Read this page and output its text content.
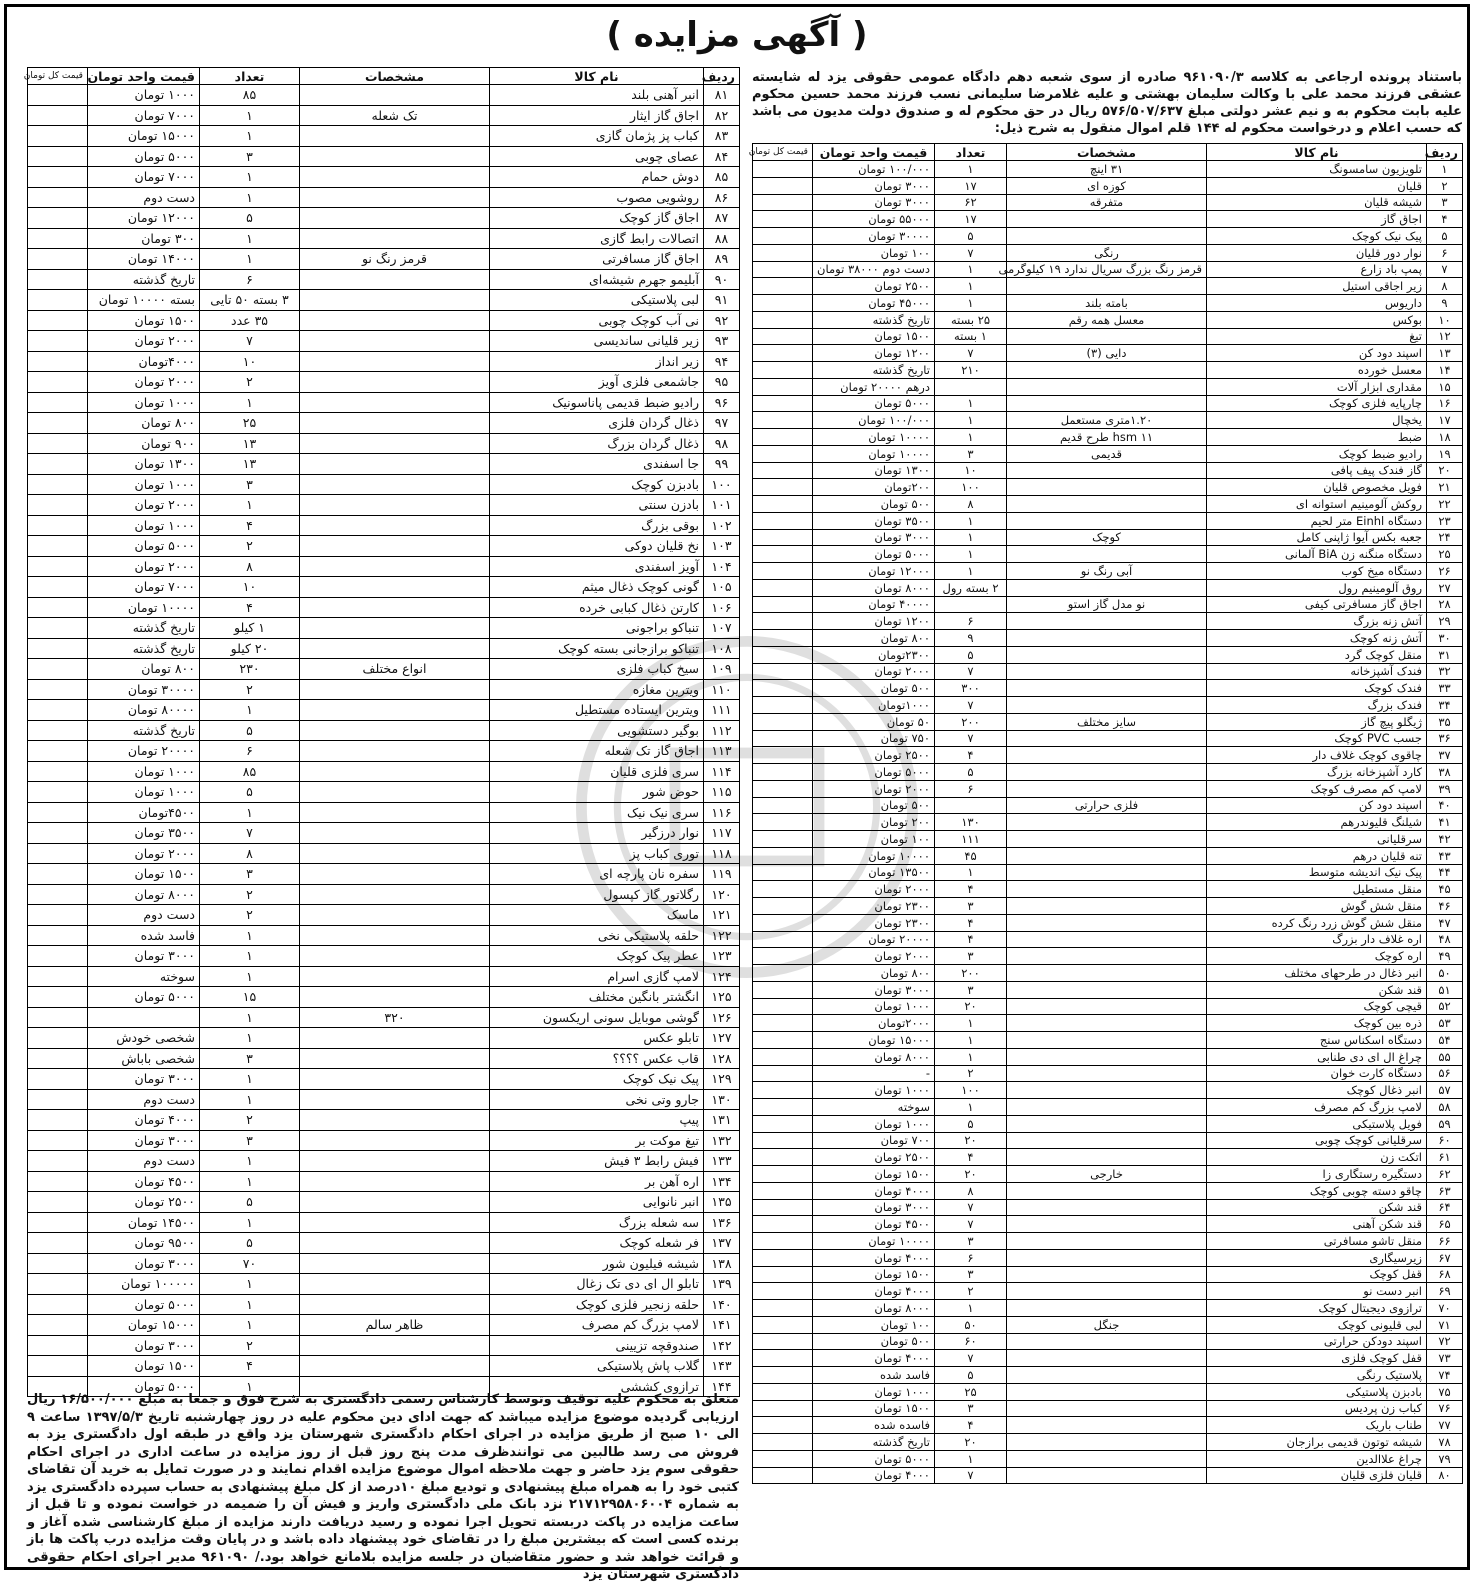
( آگهی مزایده )
باستناد پرونده ارجاعی به کلاسه ۹۶۱۰۹۰/۳ صادره از سوی شعبه دهم دادگاه عمومی حقوقی یزد له شایسته عشقی فرزند محمد علی با وکالت سلیمان بهشتی و علیه غلامرضا سلیمانی نسب فرزند محمد حسین محکوم علیه بابت محکوم به و نیم عشر دولتی مبلغ ۵۷۶/۵۰۷/۶۳۷ ریال در حق محکوم له و صندوق دولت مدیون می باشد که حسب اعلام و درخواست محکوم له ۱۴۴ قلم اموال منقول به شرح ذیل:
ردیف	نام کالا	مشخصات	تعداد	قیمت واحد تومان	قیمت کل تومان
۱	تلویزیون سامسونگ	۳۱ اینچ	۱	۱۰۰/۰۰۰ تومان	
۲	قلیان	کوزه ای	۱۷	۳۰۰۰ تومان	
۳	شیشه قلیان	متفرقه	۶۲	۳۰۰۰ تومان	
۴	اجاق گاز		۱۷	۵۵۰۰۰ تومان	
۵	پیک نیک کوچک		۵	۳۰۰۰۰ تومان	
۶	نوار دور قلیان	رنگی	۷	۱۰۰ تومان	
۷	پمپ باد زارع	قرمز رنگ بزرگ سریال ندارد ۱۹ کیلوگرمی	۱	دست دوم ۳۸۰۰۰ تومان	
۸	زیر اجاقی استیل		۱	۲۵۰۰ تومان	
۹	داریوس	بامته بلند	۱	۴۵۰۰۰ تومان	
۱۰	بوکس	معسل همه رقم	۲۵ بسته	تاریخ گذشته	
۱۲	تیغ		۱ بسته	۱۵۰۰ تومان	
۱۳	اسپند دود کن	دایی (۳)	۷	۱۲۰۰ تومان	
۱۴	معسل خورده		۲۱۰	تاریخ گذشته	
۱۵	مقداری ابزار آلات			درهم ۲۰۰۰۰ تومان	
۱۶	چارپایه فلزی کوچک		۱	۵۰۰۰ تومان	
۱۷	یخچال	۱.۲۰متری مستعمل	۱	۱۰۰/۰۰۰ تومان	
۱۸	ضبط	hsm ۱۱ طرح قدیم	۱	۱۰۰۰۰ تومان	
۱۹	رادیو ضبط کوچک	قدیمی	۳	۱۰۰۰۰ تومان	
۲۰	گاز فندک پیف پافی		۱۰	۱۳۰۰ تومان	
۲۱	فویل مخصوص قلیان		۱۰۰	۲۰۰تومان	
۲۲	روکش آلومینیم استوانه ای		۸	۵۰۰ تومان	
۲۳	دستگاه Einhl متر لحیم		۱	۳۵۰۰ تومان	
۲۴	جعبه بکس آیوا ژاپنی کامل	کوچک	۱	۳۰۰۰ تومان	
۲۵	دستگاه منگنه زن BiA آلمانی		۱	۵۰۰۰ تومان	
۲۶	دستگاه میخ کوب	آبی رنگ نو	۱	۱۲۰۰۰ تومان	
۲۷	روق آلومینیم رول		۲ بسته رول	۸۰۰۰ تومان	
۲۸	اجاق گاز مسافرتی کیفی	نو مدل گاز استو		۴۰۰۰۰ تومان	
۲۹	آتش زنه بزرگ		۶	۱۲۰۰ تومان	
۳۰	آتش زنه کوچک		۹	۸۰۰ تومان	
۳۱	منقل کوچک گرد		۵	۲۳۰۰تومان	
۳۲	فندک آشپزخانه		۷	۲۰۰۰ تومان	
۳۳	فندک کوچک		۳۰۰	۵۰۰ تومان	
۳۴	فندک بزرگ		۷	۱۰۰۰تومان	
۳۵	ژیگلو پیچ گاز	سایز مختلف	۲۰۰	۵۰ تومان	
۳۶	جسب PVC کوچک		۷	۷۵۰ تومان	
۳۷	چاقوی کوچک غلاف دار		۴	۲۵۰۰ تومان	
۳۸	کارد آشپزخانه بزرگ		۵	۵۰۰۰ تومان	
۳۹	لامپ کم مصرف کوچک		۶	۲۰۰۰ تومان	
۴۰	اسپند دود کن	فلزی حرارتی		۵۰۰ تومان	
۴۱	شیلنگ قلیوندرهم		۱۳۰	۲۰۰ تومان	
۴۲	سرقلیانی		۱۱۱	۱۰۰ تومان	
۴۳	تنه قلیان درهم		۴۵	۱۰۰۰۰ تومان	
۴۴	پیک نیک اندیشه متوسط		۱	۱۳۵۰۰ تومان	
۴۵	منقل مستطیل		۴	۲۰۰۰ تومان	
۴۶	منقل شش گوش		۳	۲۳۰۰ تومان	
۴۷	منقل شش گوش زرد رنگ کرده		۴	۲۳۰۰ تومان	
۴۸	اره غلاف دار بزرگ		۴	۲۰۰۰۰ تومان	
۴۹	اره کوچک		۳	۲۰۰۰ تومان	
۵۰	انبر ذغال در طرحهای مختلف		۲۰۰	۸۰۰ تومان	
۵۱	قند شکن		۳	۳۰۰۰ تومان	
۵۲	قیچی کوچک		۲۰	۱۰۰۰ تومان	
۵۳	ذره بین کوچک		۱	۲۰۰۰تومان	
۵۴	دستگاه اسکناس سنج		۱	۱۵۰۰۰ تومان	
۵۵	چراغ ال ای دی طنابی		۱	۸۰۰۰ تومان	
۵۶	دستگاه کارت خوان		۲	-	
۵۷	انبر ذغال کوچک		۱۰۰	۱۰۰۰ تومان	
۵۸	لامپ بزرگ کم مصرف		۱	سوخته	
۵۹	فویل پلاستیکی		۵	۱۰۰۰ تومان	
۶۰	سرقلیانی کوچک چوبی		۲۰	۷۰۰ تومان	
۶۱	اتکت زن		۴	۲۵۰۰ تومان	
۶۲	دستگیره رستگاری زا	خارجی	۲۰	۱۵۰۰ تومان	
۶۳	چاقو دسته چوبی کوچک		۸	۴۰۰۰ تومان	
۶۴	قند شکن		۷	۳۰۰۰ تومان	
۶۵	قند شکن آهنی		۷	۴۵۰۰ تومان	
۶۶	منقل تاشو مسافرتی		۳	۱۰۰۰۰ تومان	
۶۷	زیرسیگاری		۶	۴۰۰۰ تومان	
۶۸	قفل کوچک		۳	۱۵۰۰ تومان	
۶۹	انبر دست نو		۲	۴۰۰۰ تومان	
۷۰	ترازوی دیجیتال کوچک		۱	۸۰۰۰ تومان	
۷۱	لبی قلیونی کوچک	جنگل	۵۰	۱۰۰ تومان	
۷۲	اسپند دودکن حرارتی		۶۰	۵۰۰ تومان	
۷۳	قفل کوچک فلزی		۷	۴۰۰۰ تومان	
۷۴	پلاستیک رنگی		۵	فاسد شده	
۷۵	بادبزن پلاستیکی		۲۵	۱۰۰۰ تومان	
۷۶	کباب زن پردیس		۳	۱۵۰۰ تومان	
۷۷	طناب باریک		۴	فاسده شده	
۷۸	شیشه توتون قدیمی برازجان		۲۰	تاریخ گذشته	
۷۹	چراغ علاالدین		۱	۵۰۰۰ تومان	
۸۰	قلیان فلزی قلیان		۷	۴۰۰۰ تومان	
ردیف	نام کالا	مشخصات	تعداد	قیمت واحد تومان	قیمت کل تومان
۸۱	انبر آهنی بلند		۸۵	۱۰۰۰ تومان	
۸۲	اجاق گاز ایثار	تک شعله	۱	۷۰۰۰ تومان	
۸۳	کباب پز پژمان گازی		۱	۱۵۰۰۰ تومان	
۸۴	عصای چوبی		۳	۵۰۰۰ تومان	
۸۵	دوش حمام		۱	۷۰۰۰ تومان	
۸۶	روشویی مصوب		۱	دست دوم	
۸۷	اجاق گاز کوچک		۵	۱۲۰۰۰ تومان	
۸۸	اتصالات رابط گازی		۱	۳۰۰ تومان	
۸۹	اجاق گاز مسافرتی	قرمز رنگ نو	۱	۱۴۰۰۰ تومان	
۹۰	آبلیمو جهرم شیشه‌ای		۶	تاریخ گذشته	
۹۱	لبی پلاستیکی		۳ بسته ۵۰ تایی	بسته ۱۰۰۰۰ تومان	
۹۲	نی آب کوچک چوبی		۳۵ عدد	۱۵۰۰ تومان	
۹۳	زیر قلیانی ساندیسی		۷	۲۰۰۰ تومان	
۹۴	زیر انداز		۱۰	۴۰۰۰تومان	
۹۵	جاشمعی فلزی آویز		۲	۲۰۰۰ تومان	
۹۶	رادیو ضبط قدیمی پاناسونیک		۱	۱۰۰۰ تومان	
۹۷	ذغال گردان فلزی		۲۵	۸۰۰ تومان	
۹۸	ذغال گردان بزرگ		۱۳	۹۰۰ تومان	
۹۹	جا اسفندی		۱۳	۱۳۰۰ تومان	
۱۰۰	بادبزن کوچک		۳	۱۰۰۰ تومان	
۱۰۱	بادزن سنتی		۱	۲۰۰۰ تومان	
۱۰۲	بوقی بزرگ		۴	۱۰۰۰ تومان	
۱۰۳	نخ قلیان دوکی		۲	۵۰۰۰ تومان	
۱۰۴	آویز اسفندی		۸	۲۰۰۰ تومان	
۱۰۵	گونی کوچک ذغال میثم		۱۰	۷۰۰۰ تومان	
۱۰۶	کارتن ذغال کبابی خرده		۴	۱۰۰۰۰ تومان	
۱۰۷	تنباکو براجونی		۱ کیلو	تاریخ گذشته	
۱۰۸	تنباکو برازجانی بسته کوچک		۲۰ کیلو	تاریخ گذشته	
۱۰۹	سیخ کباب فلزی	انواع مختلف	۲۳۰	۸۰۰ تومان	
۱۱۰	ویترین مغازه		۲	۳۰۰۰۰ تومان	
۱۱۱	ویترین ایستاده مستطیل		۱	۸۰۰۰۰ تومان	
۱۱۲	بوگیر دستشویی		۵	تاریخ گذشته	
۱۱۳	اجاق گاز تک شعله		۶	۲۰۰۰۰ تومان	
۱۱۴	سری فلزی قلیان		۸۵	۱۰۰۰ تومان	
۱۱۵	حوض شور		۵	۱۰۰۰ تومان	
۱۱۶	سری نیک نیک		۱	۴۵۰۰تومان	
۱۱۷	نوار درزگیر		۷	۳۵۰۰ تومان	
۱۱۸	توری کباب پز		۸	۲۰۰۰ تومان	
۱۱۹	سفره نان پارچه ای		۳	۱۵۰۰ تومان	
۱۲۰	رگلاتور گاز کپسول		۲	۸۰۰۰ تومان	
۱۲۱	ماسک		۲	دست دوم	
۱۲۲	حلقه پلاستیکی نخی		۱	فاسد شده	
۱۲۳	عطر پیک کوچک		۱	۳۰۰۰ تومان	
۱۲۴	لامپ گازی اسرام		۱	سوخته	
۱۲۵	انگشتر بانگین مختلف		۱۵	۵۰۰۰ تومان	
۱۲۶	گوشی موبایل سونی اریکسون	۳۲۰	۱		
۱۲۷	تابلو عکس		۱	شخصی خودش	
۱۲۸	قاب عکس ؟؟؟؟		۳	شخصی باباش	
۱۲۹	پیک نیک کوچک		۱	۳۰۰۰ تومان	
۱۳۰	جارو وتی نخی		۱	دست دوم	
۱۳۱	پیپ		۲	۴۰۰۰ تومان	
۱۳۲	تیغ موکت بر		۳	۳۰۰۰ تومان	
۱۳۳	فیش رابط ۳ فیش		۱	دست دوم	
۱۳۴	اره آهن بر		۱	۴۵۰۰ تومان	
۱۳۵	انبر نانوایی		۵	۲۵۰۰ تومان	
۱۳۶	سه شعله بزرگ		۱	۱۴۵۰۰ تومان	
۱۳۷	فر شعله کوچک		۵	۹۵۰۰ تومان	
۱۳۸	شیشه فیلیون شور		۷۰	۳۰۰۰ تومان	
۱۳۹	تابلو ال ای دی تک زغال		۱	۱۰۰۰۰۰ تومان	
۱۴۰	حلقه زنجیر فلزی کوچک		۱	۵۰۰۰ تومان	
۱۴۱	لامپ بزرگ کم مصرف	ظاهر سالم	۱	۱۵۰۰۰ تومان	
۱۴۲	صندوقچه تزیینی		۲	۳۰۰۰ تومان	
۱۴۳	گلاب پاش پلاستیکی		۴	۱۵۰۰ تومان	
۱۴۴	ترازوی کششی		۱	۵۰۰۰ تومان	
متعلق به محکوم علیه توقیف وتوسط کارشناس رسمی دادگستری به شرح فوق و جمعا به مبلغ ۱۶/۵۰۰/۰۰۰ ریال ارزیابی گردیده موضوع مزایده میباشد که جهت ادای دین محکوم علیه در روز چهارشنبه تاریخ ۱۳۹۷/۵/۳ ساعت ۹ الی ۱۰ صبح از طریق مزایده در اجرای احکام دادگستری شهرستان یزد واقع در طبقه اول دادگستری یزد به فروش می رسد طالبین می توانندظرف مدت پنج روز قبل از روز مزایده در ساعت اداری در اجرای احکام حقوقی سوم یزد حاضر و جهت ملاحظه اموال موضوع مزایده اقدام نمایند و در صورت تمایل به خرید آن تقاضای کتبی خود را به همراه مبلغ پیشنهادی و توديع مبلغ ۱۰درصد از کل مبلغ پیشنهادی به حساب سپرده دادگستری یزد به شماره ۲۱۷۱۲۹۵۸۰۶۰۰۴ نزد بانک ملی دادگستری واریز و فیش آن را ضمیمه در خواست نموده و تا قبل از ساعت مزایده در پاکت دربسته تحویل اجرا نموده و رسید دریافت دارند مزایده از مبلغ کارشناسی شده آغاز و برنده کسی است که بیشترین مبلغ را در تقاضای خود پیشنهاد داده باشد و در پایان وقت مزایده درب پاکت ها باز و قرائت خواهد شد و حضور متقاضیان در جلسه مزایده بلامانع خواهد بود./ ۹۶۱۰۹۰ مدیر اجرای احکام حقوقی دادگستری شهرستان یزد
